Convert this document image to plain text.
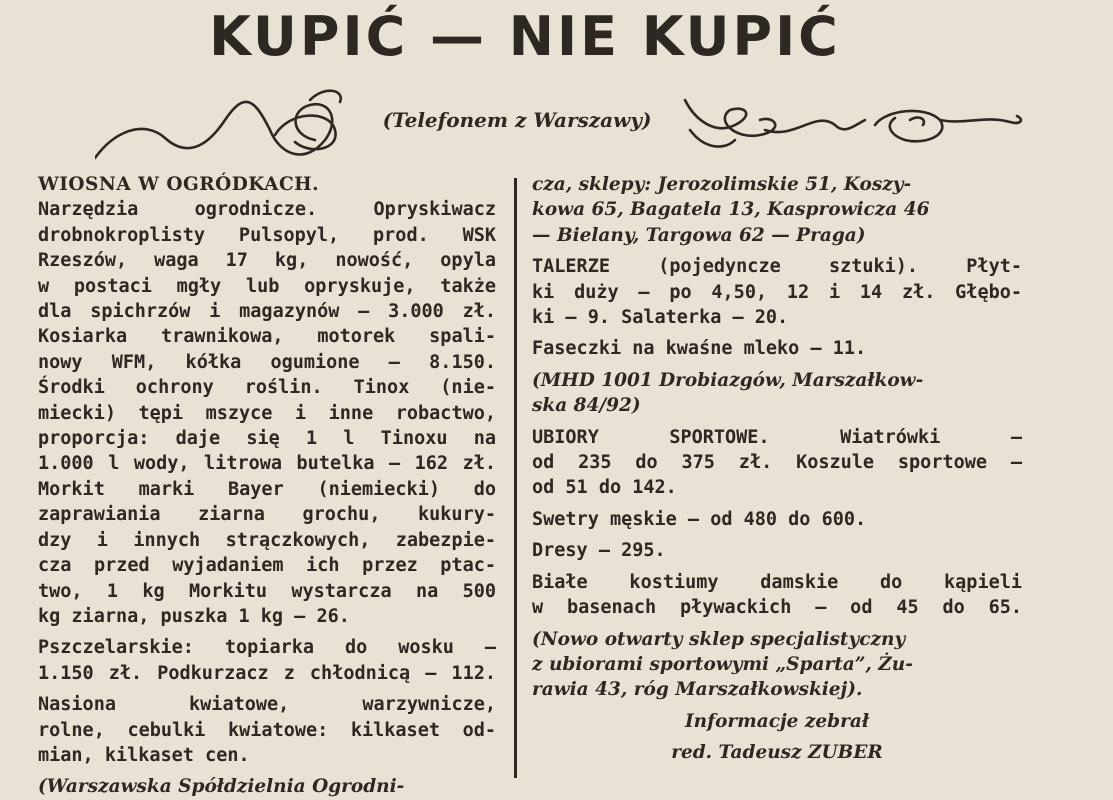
KUPIĆ — NIE KUPIĆ
(Telefonem z Warszawy)
WIOSNA W OGRÓDKACH.
Narzędzia ogrodnicze. Opryskiwacz
drobnokroplisty Pulsopyl, prod. WSK
Rzeszów, waga 17 kg, nowość, opyla
w postaci mgły lub opryskuje, także
dla spichrzów i magazynów — 3.000 zł.
Kosiarka trawnikowa, motorek spali-
nowy WFM, kółka ogumione — 8.150.
Środki ochrony roślin. Tinox (nie-
miecki) tępi mszyce i inne robactwo,
proporcja: daje się 1 l Tinoxu na
1.000 l wody, litrowa butelka — 162 zł.
Morkit marki Bayer (niemiecki) do
zaprawiania ziarna grochu, kukury-
dzy i innych strączkowych, zabezpie-
cza przed wyjadaniem ich przez ptac-
two, 1 kg Morkitu wystarcza na 500
kg ziarna, puszka 1 kg — 26.
Pszczelarskie: topiarka do wosku —
1.150 zł. Podkurzacz z chłodnicą — 112.
Nasiona kwiatowe, warzywnicze,
rolne, cebulki kwiatowe: kilkaset od-
mian, kilkaset cen.
(Warszawska Spółdzielnia Ogrodni-
cza, sklepy: Jerozolimskie 51, Koszy-
kowa 65, Bagatela 13, Kasprowicza 46
— Bielany, Targowa 62 — Praga)
TALERZE (pojedyncze sztuki). Płyt-
ki duży — po 4,50, 12 i 14 zł. Głębo-
ki — 9. Salaterka — 20.
Faseczki na kwaśne mleko — 11.
(MHD 1001 Drobiazgów, Marszałkow-
ska 84/92)
UBIORY SPORTOWE. Wiatrówki —
od 235 do 375 zł. Koszule sportowe —
od 51 do 142.
Swetry męskie — od 480 do 600.
Dresy — 295.
Białe kostiumy damskie do kąpieli
w basenach pływackich — od 45 do 65.
(Nowo otwarty sklep specjalistyczny
z ubiorami sportowymi „Sparta”, Żu-
rawia 43, róg Marszałkowskiej).
Informacje zebrał
red. Tadeusz ZUBER
